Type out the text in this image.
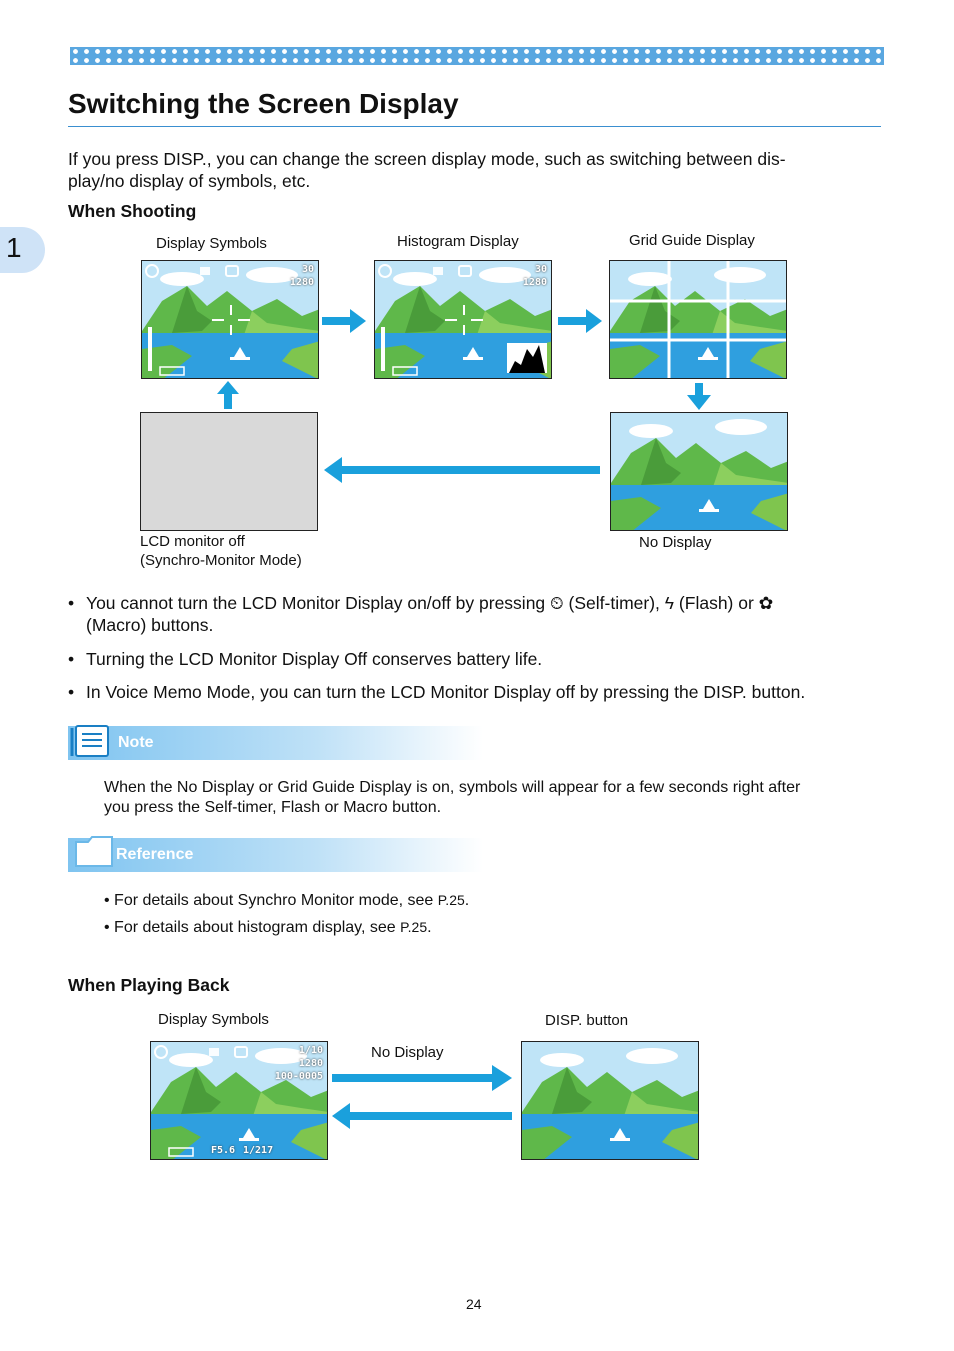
1
Switching the Screen Display
If you press DISP., you can change the screen display mode, such as switching between dis-
play/no display of symbols, etc.
When Shooting
Display Symbols	Histogram Display	Grid Guide Display
LCD monitor off
(Synchro-Monitor Mode)
No Display
30
1280
30
1280
• You cannot turn the LCD Monitor Display on/off by pressing ⏲ (Self-timer), ϟ (Flash) or ✿
(Macro) buttons.
• Turning the LCD Monitor Display Off conserves battery life.
• In Voice Memo Mode, you can turn the LCD Monitor Display off by pressing the DISP. button.
Note
When the No Display or Grid Guide Display is on, symbols will appear for a few seconds right after
you press the Self-timer, Flash or Macro button.
Reference
• For details about Synchro Monitor mode, see P.25.
• For details about histogram display, see P.25.
When Playing Back
Display Symbols
No Display
DISP. button
1/10
1280
100-0005
F5.6 1/217
24
